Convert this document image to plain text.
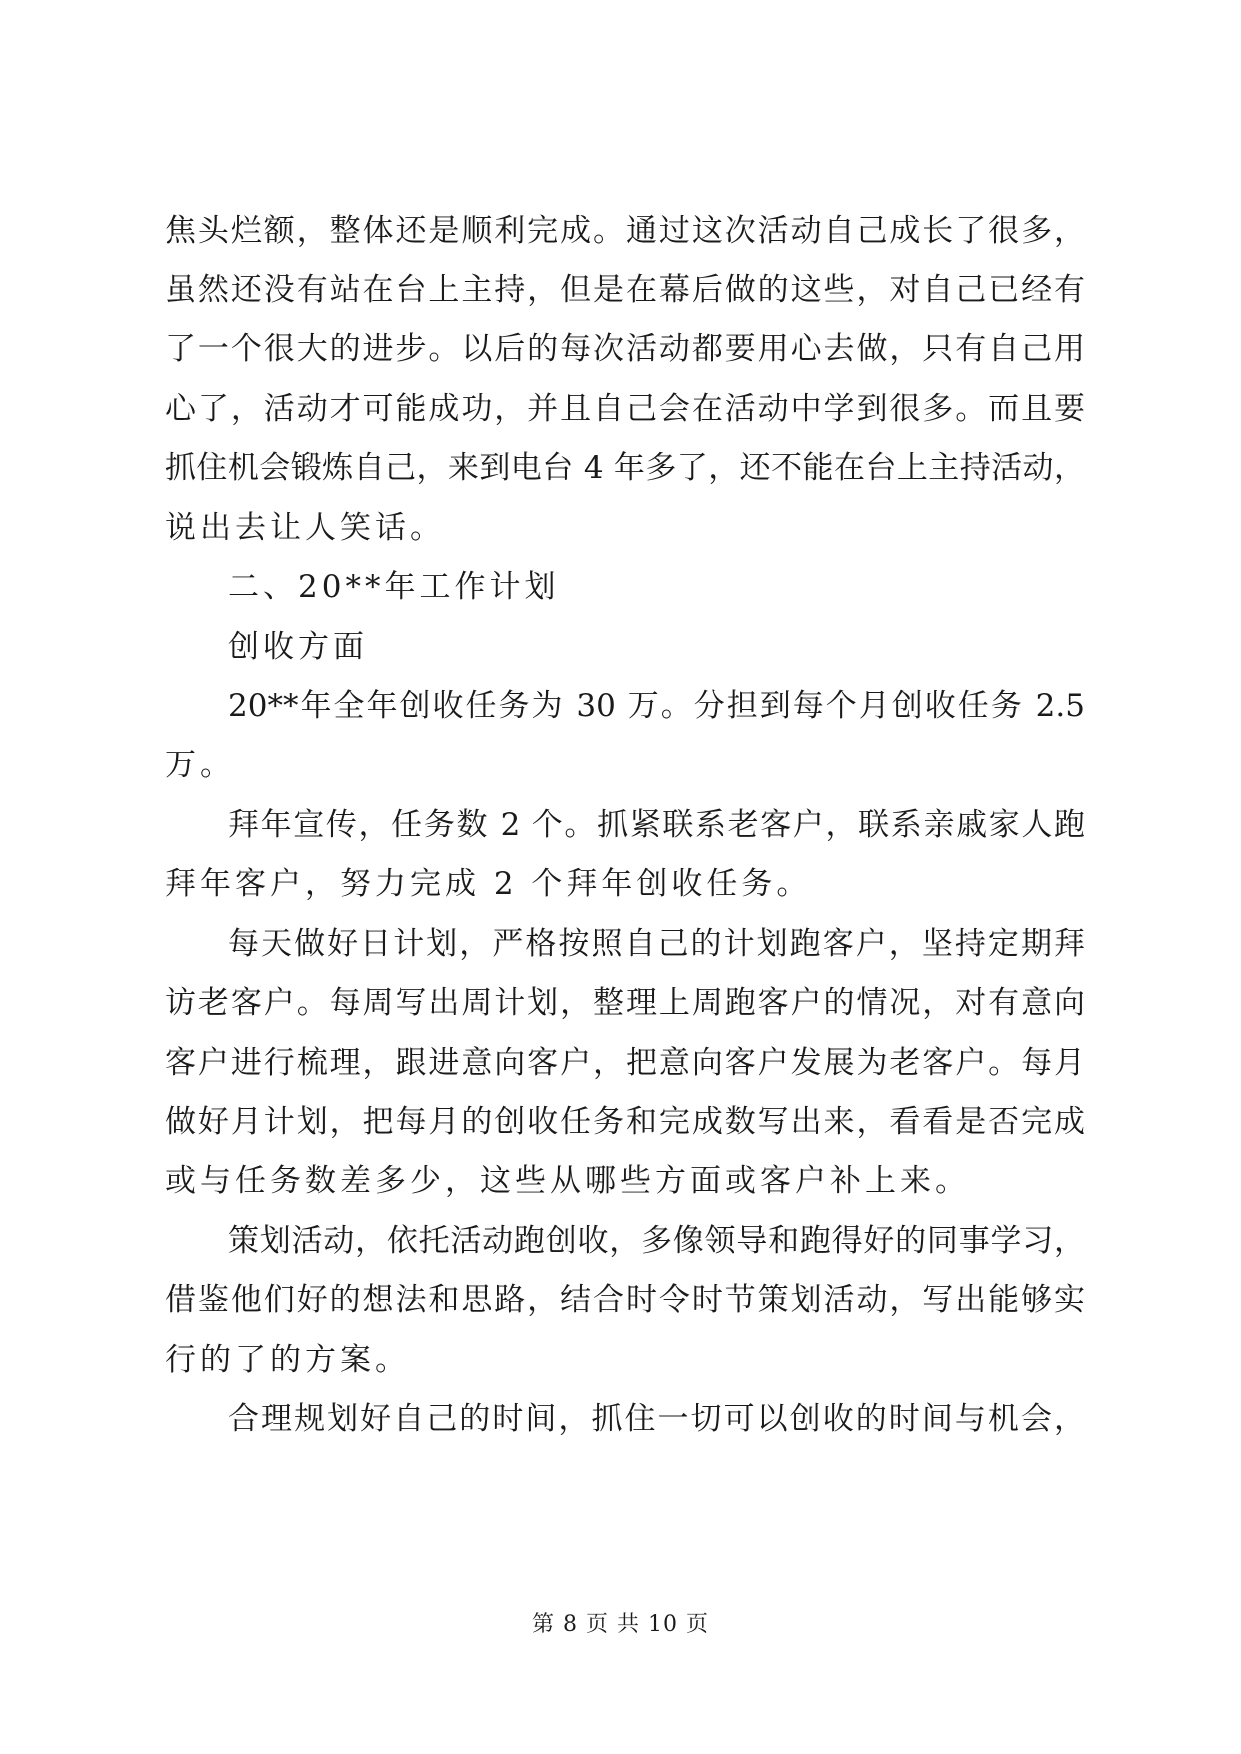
焦头烂额，整体还是顺利完成。通过这次活动自己成长了很多，

虽然还没有站在台上主持，但是在幕后做的这些，对自己已经有

了一个很大的进步。以后的每次活动都要用心去做，只有自己用

心了，活动才可能成功，并且自己会在活动中学到很多。而且要

抓住机会锻炼自己，来到电台 4 年多了，还不能在台上主持活动，

说出去让人笑话。

二、20**年工作计划

创收方面

20**年全年创收任务为 30 万。分担到每个月创收任务 2.5

万。

拜年宣传，任务数 2 个。抓紧联系老客户，联系亲戚家人跑

拜年客户，努力完成 2 个拜年创收任务。

每天做好日计划，严格按照自己的计划跑客户，坚持定期拜

访老客户。每周写出周计划，整理上周跑客户的情况，对有意向

客户进行梳理，跟进意向客户，把意向客户发展为老客户。每月

做好月计划，把每月的创收任务和完成数写出来，看看是否完成

或与任务数差多少，这些从哪些方面或客户补上来。

策划活动，依托活动跑创收，多像领导和跑得好的同事学习，

借鉴他们好的想法和思路，结合时令时节策划活动，写出能够实

行的了的方案。

合理规划好自己的时间，抓住一切可以创收的时间与机会，

第 8 页 共 10 页
